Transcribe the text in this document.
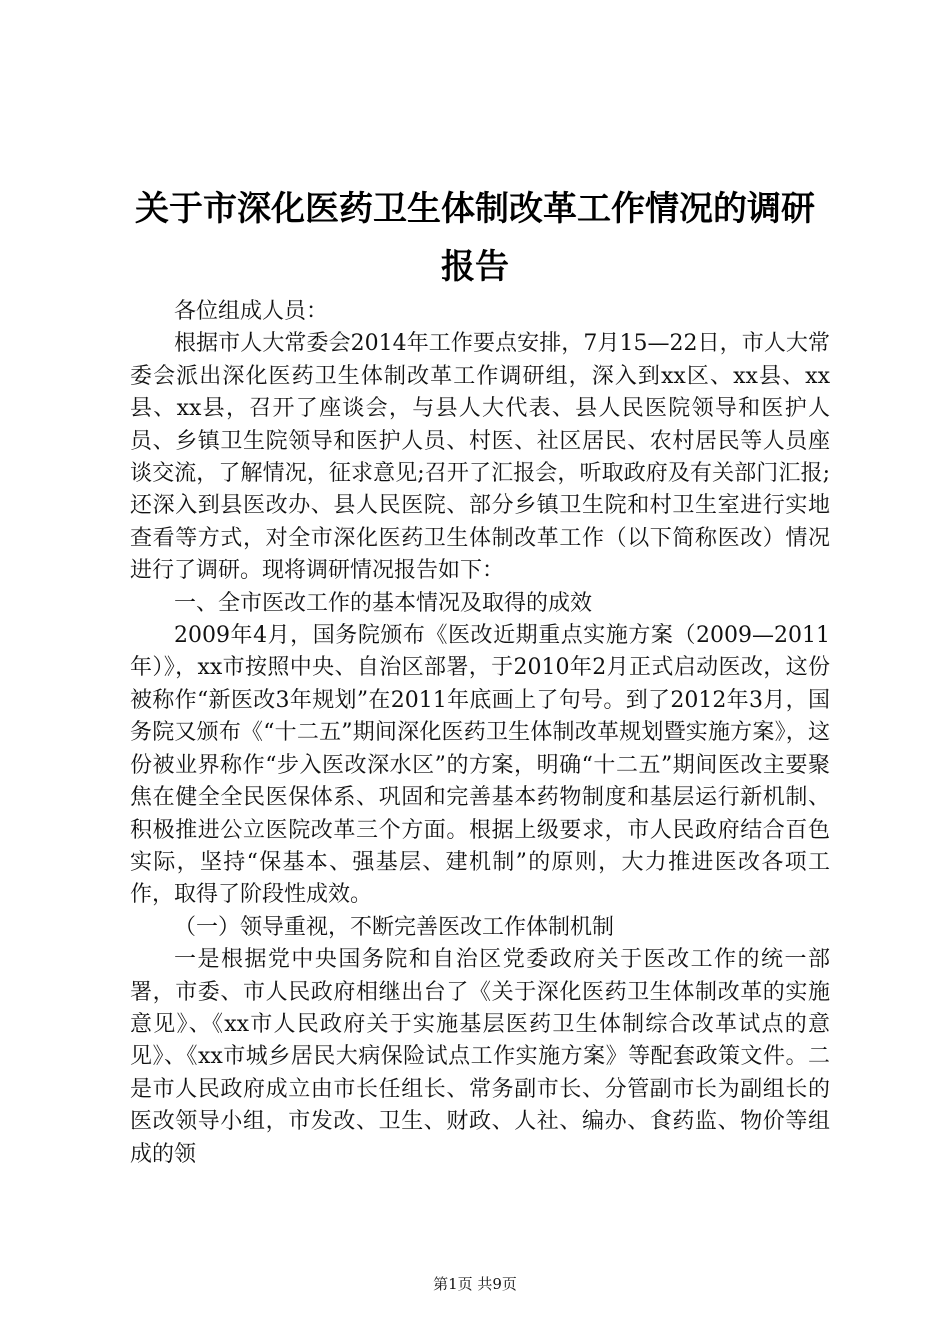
关于市深化医药卫生体制改革工作情况的调研报告

各位组成人员：

根据市人大常委会2014年工作要点安排，7月15—22日，市人大常委会派出深化医药卫生体制改革工作调研组，深入到xx区、xx县、xx县、xx县，召开了座谈会，与县人大代表、县人民医院领导和医护人员、乡镇卫生院领导和医护人员、村医、社区居民、农村居民等人员座谈交流，了解情况，征求意见;召开了汇报会，听取政府及有关部门汇报;还深入到县医改办、县人民医院、部分乡镇卫生院和村卫生室进行实地查看等方式，对全市深化医药卫生体制改革工作（以下简称医改）情况进行了调研。现将调研情况报告如下：

一、全市医改工作的基本情况及取得的成效

2009年4月，国务院颁布《医改近期重点实施方案（2009—2011年）》，xx市按照中央、自治区部署，于2010年2月正式启动医改，这份被称作“新医改3年规划”在2011年底画上了句号。到了2012年3月，国务院又颁布《“十二五”期间深化医药卫生体制改革规划暨实施方案》，这份被业界称作“步入医改深水区”的方案，明确“十二五”期间医改主要聚焦在健全全民医保体系、巩固和完善基本药物制度和基层运行新机制、积极推进公立医院改革三个方面。根据上级要求，市人民政府结合百色实际，坚持“保基本、强基层、建机制”的原则，大力推进医改各项工作，取得了阶段性成效。

（一）领导重视，不断完善医改工作体制机制

一是根据党中央国务院和自治区党委政府关于医改工作的统一部署，市委、市人民政府相继出台了《关于深化医药卫生体制改革的实施意见》、《xx市人民政府关于实施基层医药卫生体制综合改革试点的意见》、《xx市城乡居民大病保险试点工作实施方案》等配套政策文件。二是市人民政府成立由市长任组长、常务副市长、分管副市长为副组长的医改领导小组，市发改、卫生、财政、人社、编办、食药监、物价等组成的领

第1页 共9页
